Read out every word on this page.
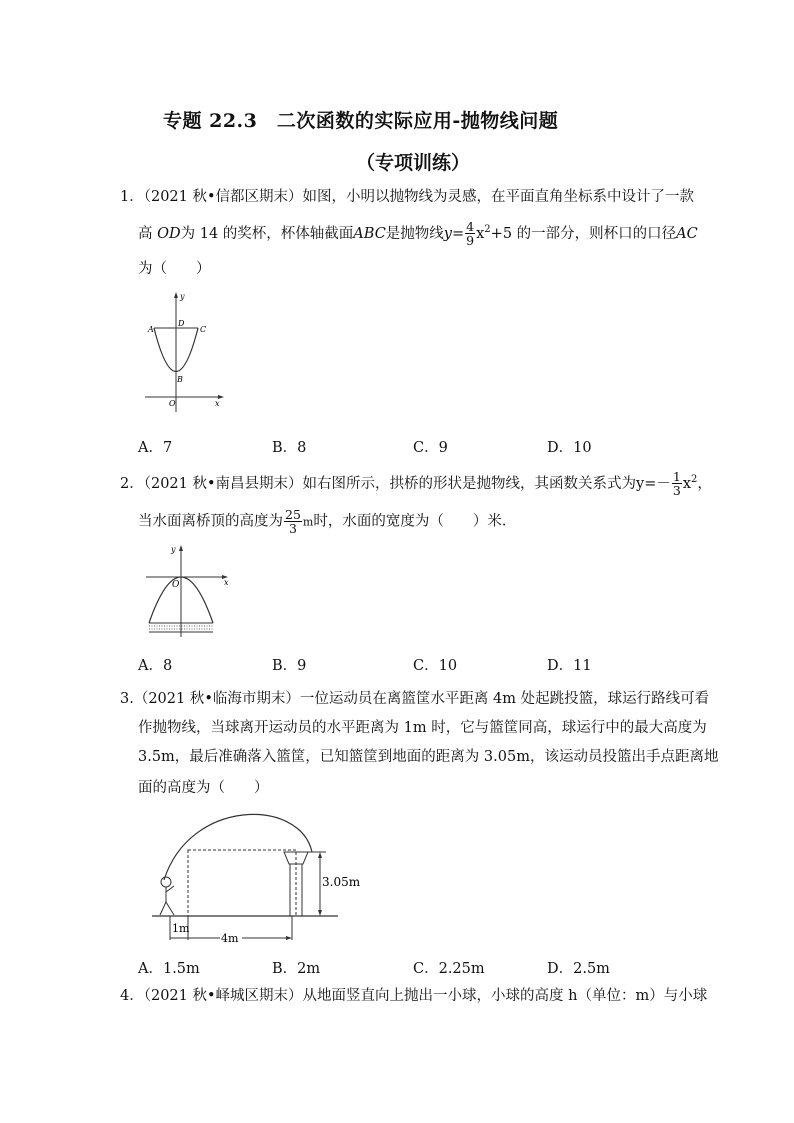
专题 22.3　二次函数的实际应用-抛物线问题
（专项训练）
1．（2021 秋•信都区期末）如图，小明以抛物线为灵感，在平面直角坐标系中设计了一款
高 OD为 14 的奖杯，杯体轴截面ABC是抛物线$y= \frac{4}{9} x^2+5$ 的一部分，则杯口的口径AC
为（　　）
y
x
A
D
C
B
O
A．7	B．8	C．9	D．10
2．（2021 秋•南昌县期末）如右图所示，拱桥的形状是抛物线，其函数关系式为$y=- \frac{1}{3} x^2$，
当水面离桥顶的高度为 $\frac{25}{3}$ m时，水面的宽度为（　　）米．
y
x
O
A．8	B．9	C．10	D．11
3.（2021 秋•临海市期末）一位运动员在离篮筐水平距离 4m 处起跳投篮，球运行路线可看
作抛物线，当球离开运动员的水平距离为 1m 时，它与篮筐同高，球运行中的最大高度为
3.5m，最后准确落入篮筐，已知篮筐到地面的距离为 3.05m，该运动员投篮出手点距离地
面的高度为（　　）
3.05m
1m
4m
A．1.5m	B．2m	C．2.25m	D．2.5m
4．（2021 秋•峄城区期末）从地面竖直向上抛出一小球，小球的高度 h（单位：m）与小球
